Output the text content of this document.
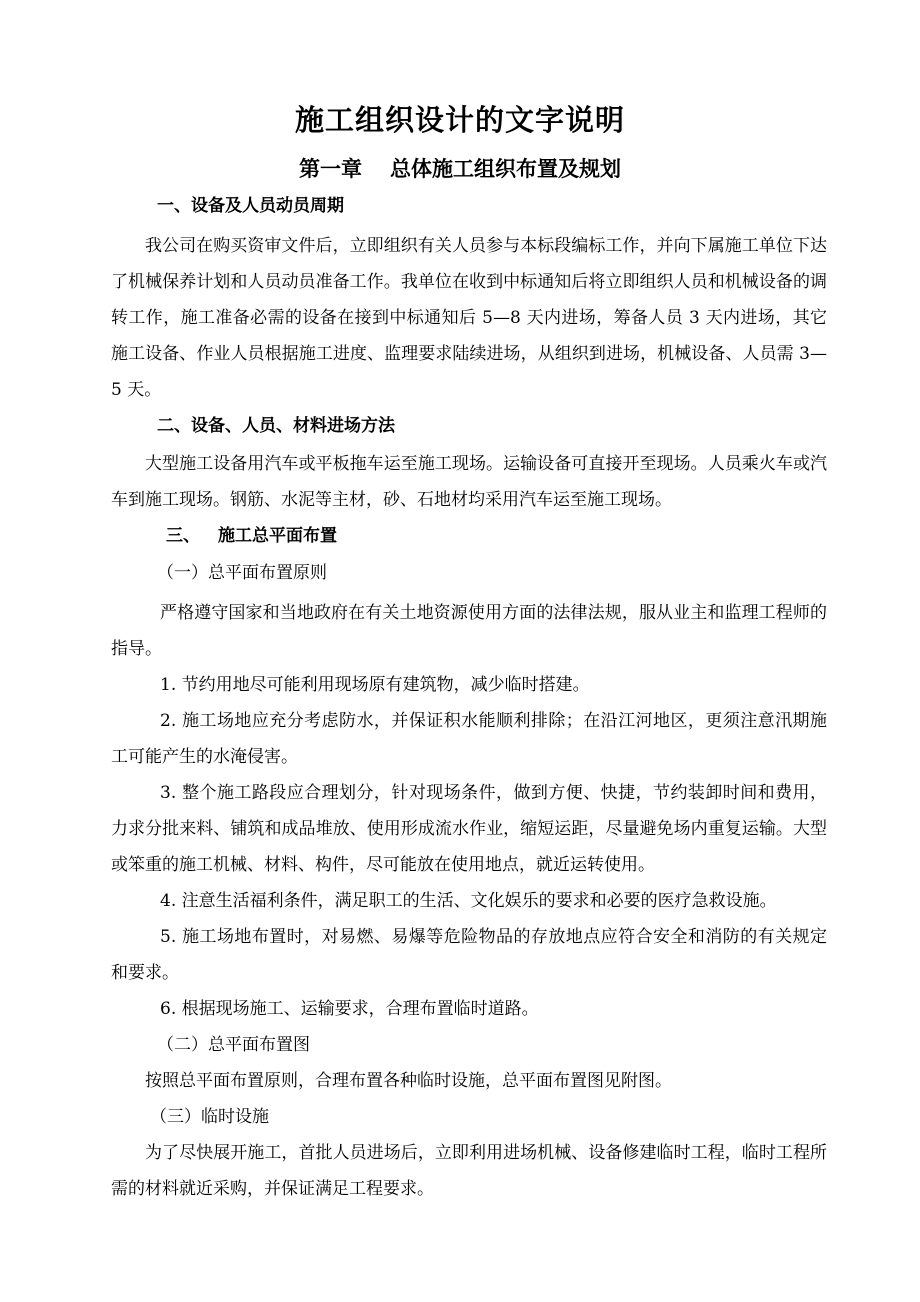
施工组织设计的文字说明
第一章 总体施工组织布置及规划
一、设备及人员动员周期

我公司在购买资审文件后，立即组织有关人员参与本标段编标工作，并向下属施工单位下达了机械保养计划和人员动员准备工作。我单位在收到中标通知后将立即组织人员和机械设备的调转工作，施工准备必需的设备在接到中标通知后 5—8 天内进场，筹备人员 3 天内进场，其它施工设备、作业人员根据施工进度、监理要求陆续进场，从组织到进场，机械设备、人员需 3—5 天。

二、设备、人员、材料进场方法

大型施工设备用汽车或平板拖车运至施工现场。运输设备可直接开至现场。人员乘火车或汽车到施工现场。钢筋、水泥等主材，砂、石地材均采用汽车运至施工现场。

三、 施工总平面布置

（一）总平面布置原则

严格遵守国家和当地政府在有关土地资源使用方面的法律法规，服从业主和监理工程师的指导。

1. 节约用地尽可能利用现场原有建筑物，减少临时搭建。

2. 施工场地应充分考虑防水，并保证积水能顺利排除；在沿江河地区，更须注意汛期施工可能产生的水淹侵害。

3. 整个施工路段应合理划分，针对现场条件，做到方便、快捷，节约装卸时间和费用，力求分批来料、铺筑和成品堆放、使用形成流水作业，缩短运距，尽量避免场内重复运输。大型或笨重的施工机械、材料、构件，尽可能放在使用地点，就近运转使用。

4. 注意生活福利条件，满足职工的生活、文化娱乐的要求和必要的医疗急救设施。

5. 施工场地布置时，对易燃、易爆等危险物品的存放地点应符合安全和消防的有关规定和要求。

6. 根据现场施工、运输要求，合理布置临时道路。

（二）总平面布置图

按照总平面布置原则，合理布置各种临时设施，总平面布置图见附图。

（三）临时设施

为了尽快展开施工，首批人员进场后，立即利用进场机械、设备修建临时工程，临时工程所需的材料就近采购，并保证满足工程要求。
